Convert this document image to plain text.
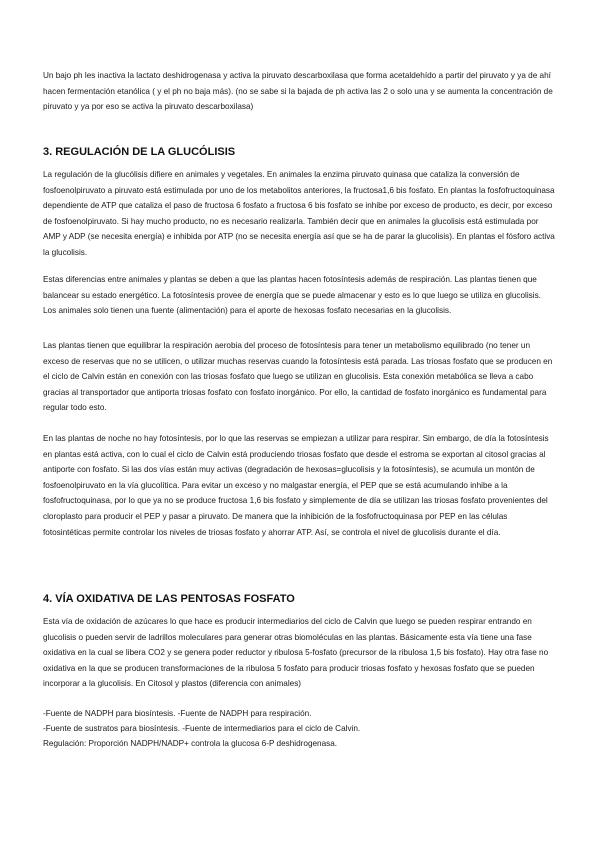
Un bajo ph les inactiva la lactato deshidrogenasa y activa la piruvato descarboxilasa que forma acetaldehído a partir del piruvato y ya de ahí hacen fermentación etanólica ( y el ph no baja más). (no se sabe si la bajada de ph activa las 2 o solo una y se aumenta la concentración de piruvato y ya por eso se activa la piruvato descarboxilasa)

3. REGULACIÓN DE LA GLUCÓLISIS

La regulación de la glucólisis difiere en animales y vegetales. En animales la enzima piruvato quinasa que cataliza la conversión de fosfoenolpiruvato a piruvato está estimulada por uno de los metabolitos anteriores, la fructosa1,6 bis fosfato. En plantas la fosfofructoquinasa dependiente de ATP que cataliza el paso de fructosa 6 fosfato a fructosa 6 bis fosfato se inhibe por exceso de producto, es decir, por exceso de fosfoenolpiruvato. Si hay mucho producto, no es necesario realizarla. También decir que en animales la glucolisis está estimulada por AMP y ADP (se necesita energía) e inhibida por ATP (no se necesita energía así que se ha de parar la glucolisis). En plantas el fósforo activa la glucolisis.

Estas diferencias entre animales y plantas se deben a que las plantas hacen fotosíntesis además de respiración. Las plantas tienen que balancear su estado energético. La fotosíntesis provee de energía que se puede almacenar y esto es lo que luego se utiliza en glucolisis. Los animales solo tienen una fuente (alimentación) para el aporte de hexosas fosfato necesarias en la glucolisis.

Las plantas tienen que equilibrar la respiración aerobia del proceso de fotosíntesis para tener un metabolismo equilibrado (no tener un exceso de reservas que no se utilicen, o utilizar muchas reservas cuando la fotosíntesis está parada. Las triosas fosfato que se producen en el ciclo de Calvin están en conexión con las triosas fosfato que luego se utilizan en glucolisis. Esta conexión metabólica se lleva a cabo gracias al transportador que antiporta triosas fosfato con fosfato inorgánico. Por ello, la cantidad de fosfato inorgánico es fundamental para regular todo esto.

En las plantas de noche no hay fotosíntesis, por lo que las reservas se empiezan a utilizar para respirar. Sin embargo, de día la fotosíntesis en plantas está activa, con lo cual el ciclo de Calvin está produciendo triosas fosfato que desde el estroma se exportan al citosol gracias al antiporte con fosfato. Si las dos vías están muy activas (degradación de hexosas=glucolisis y la fotosíntesis), se acumula un montón de fosfoenolpiruvato en la vía glucolítica. Para evitar un exceso y no malgastar energía, el PEP que se está acumulando inhibe a la fosfofructoquinasa, por lo que ya no se produce fructosa 1,6 bis fosfato y simplemente de día se utilizan las triosas fosfato provenientes del cloroplasto para producir el PEP y pasar a piruvato. De manera que la inhibición de la fosfofructoquinasa por PEP en las células fotosintéticas permite controlar los niveles de triosas fosfato y ahorrar ATP. Así, se controla el nivel de glucolisis durante el día.

4. VÍA OXIDATIVA DE LAS PENTOSAS FOSFATO

Esta vía de oxidación de azúcares lo que hace es producir intermediarios del ciclo de Calvin que luego se pueden respirar entrando en glucolisis o pueden servir de ladrillos moleculares para generar otras biomoléculas en las plantas. Básicamente esta vía tiene una fase oxidativa en la cual se libera CO2 y se genera poder reductor y ribulosa 5-fosfato (precursor de la ribulosa 1,5 bis fosfato). Hay otra fase no oxidativa en la que se producen transformaciones de la ribulosa 5 fosfato para producir triosas fosfato y hexosas fosfato que se pueden incorporar a la glucolisis. En Citosol y plastos (diferencia con animales)

-Fuente de NADPH para biosíntesis. -Fuente de NADPH para respiración.

-Fuente de sustratos para biosíntesis. -Fuente de intermediarios para el ciclo de Calvin.

Regulación: Proporción NADPH/NADP+ controla la glucosa 6-P deshidrogenasa.
